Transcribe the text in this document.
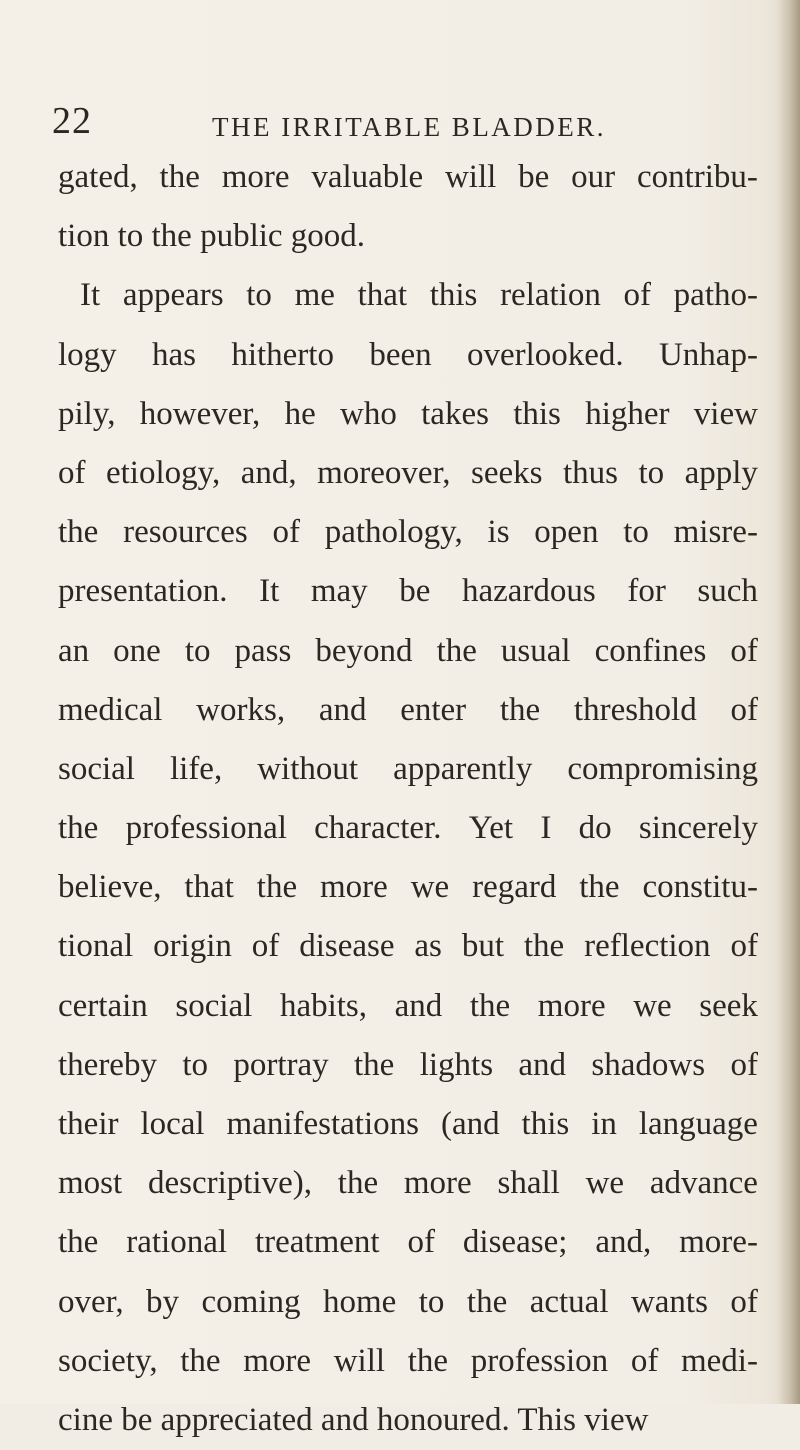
22	THE IRRITABLE BLADDER.
gated, the more valuable will be our contribu-
tion to the public good.
It appears to me that this relation of patho-
logy has hitherto been overlooked. Unhap-
pily, however, he who takes this higher view
of etiology, and, moreover, seeks thus to apply
the resources of pathology, is open to misre-
presentation. It may be hazardous for such
an one to pass beyond the usual confines of
medical works, and enter the threshold of
social life, without apparently compromising
the professional character. Yet I do sincerely
believe, that the more we regard the constitu-
tional origin of disease as but the reflection of
certain social habits, and the more we seek
thereby to portray the lights and shadows of
their local manifestations (and this in language
most descriptive), the more shall we advance
the rational treatment of disease; and, more-
over, by coming home to the actual wants of
society, the more will the profession of medi-
cine be appreciated and honoured. This view
